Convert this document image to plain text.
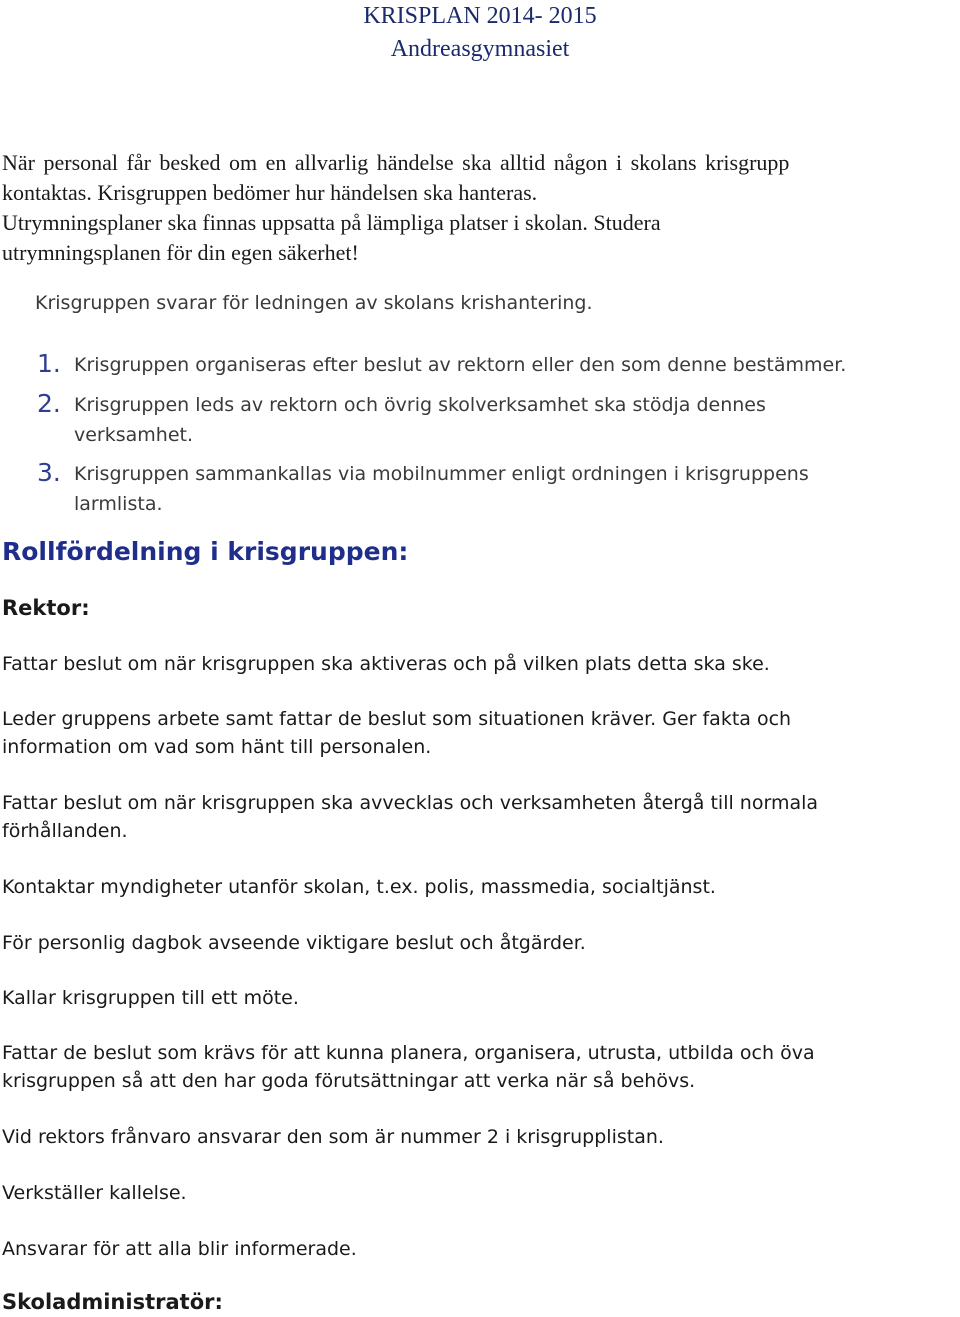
KRISPLAN 2014- 2015
Andreasgymnasiet

När personal får besked om en allvarlig händelse ska alltid någon i skolans krisgrupp

kontaktas. Krisgruppen bedömer hur händelsen ska hanteras.

Utrymningsplaner ska finnas uppsatta på lämpliga platser i skolan. Studera

utrymningsplanen för din egen säkerhet!

Krisgruppen svarar för ledningen av skolans krishantering.
1. Krisgruppen organiseras efter beslut av rektorn eller den som denne bestämmer.
2. Krisgruppen leds av rektorn och övrig skolverksamhet ska stödja dennes
verksamhet.
3. Krisgruppen sammankallas via mobilnummer enligt ordningen i krisgruppens
larmlista.
Rollfördelning i krisgruppen:
Rektor:
Fattar beslut om när krisgruppen ska aktiveras och på vilken plats detta ska ske.
Leder gruppens arbete samt fattar de beslut som situationen kräver. Ger fakta och
information om vad som hänt till personalen.
Fattar beslut om när krisgruppen ska avvecklas och verksamheten återgå till normala
förhållanden.
Kontaktar myndigheter utanför skolan, t.ex. polis, massmedia, socialtjänst.
För personlig dagbok avseende viktigare beslut och åtgärder.
Kallar krisgruppen till ett möte.
Fattar de beslut som krävs för att kunna planera, organisera, utrusta, utbilda och öva
krisgruppen så att den har goda förutsättningar att verka när så behövs.
Vid rektors frånvaro ansvarar den som är nummer 2 i krisgrupplistan.
Verkställer kallelse.
Ansvarar för att alla blir informerade.
Skoladministratör:
